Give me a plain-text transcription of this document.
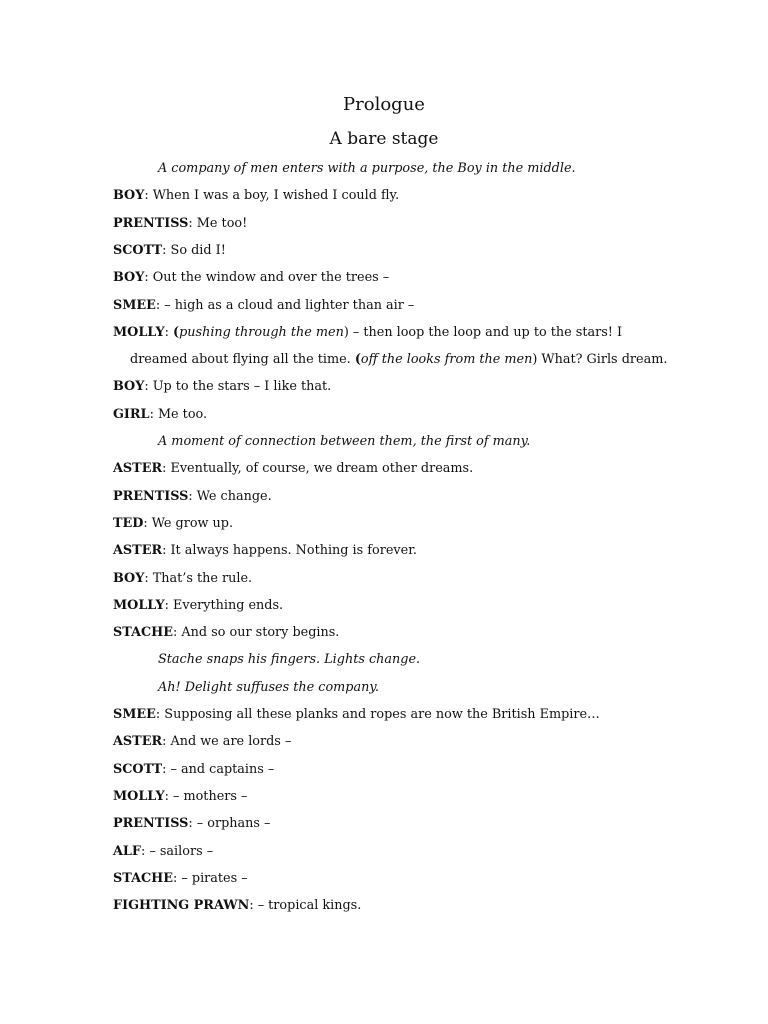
Prologue
A bare stage
A company of men enters with a purpose, the Boy in the middle.
BOY: When I was a boy, I wished I could fly.
PRENTISS: Me too!
SCOTT: So did I!
BOY: Out the window and over the trees –
SMEE: – high as a cloud and lighter than air –
MOLLY: (pushing through the men) – then loop the loop and up to the stars! I
dreamed about flying all the time. (off the looks from the men) What? Girls dream.
BOY: Up to the stars – I like that.
GIRL: Me too.
A moment of connection between them, the first of many.
ASTER: Eventually, of course, we dream other dreams.
PRENTISS: We change.
TED: We grow up.
ASTER: It always happens. Nothing is forever.
BOY: That’s the rule.
MOLLY: Everything ends.
STACHE: And so our story begins.
Stache snaps his fingers. Lights change.
Ah! Delight suffuses the company.
SMEE: Supposing all these planks and ropes are now the British Empire…
ASTER: And we are lords –
SCOTT: – and captains –
MOLLY: – mothers –
PRENTISS: – orphans –
ALF: – sailors –
STACHE: – pirates –
FIGHTING PRAWN: – tropical kings.
